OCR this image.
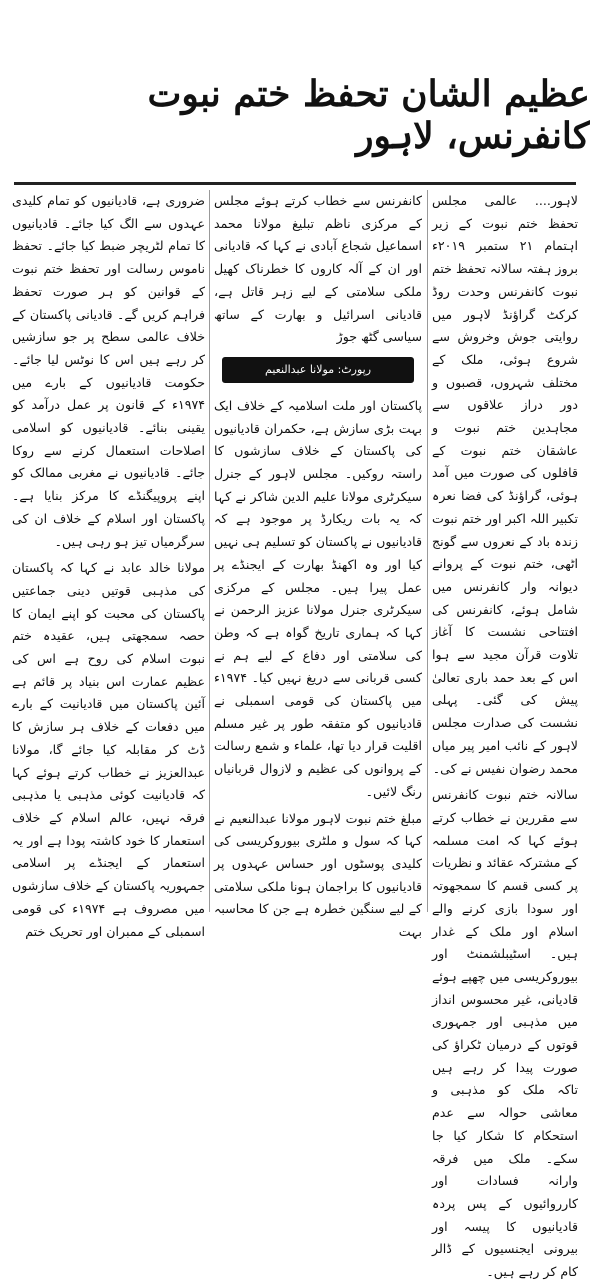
عظیم الشان تحفظ ختم نبوت کانفرنس، لاہور

لاہور.... عالمی مجلس تحفظ ختم نبوت کے زیر اہتمام ۲۱ ستمبر ۲۰۱۹ء بروز ہفتہ سالانہ تحفظ ختم نبوت کانفرنس وحدت روڈ کرکٹ گراؤنڈ لاہور میں روایتی جوش وخروش سے شروع ہوئی، ملک کے مختلف شہروں، قصبوں و دور دراز علاقوں سے مجاہدین ختم نبوت و عاشقان ختم نبوت کے قافلوں کی صورت میں آمد ہوئی، گراؤنڈ کی فضا نعرہ تکبیر اللہ اکبر اور ختم نبوت زندہ باد کے نعروں سے گونج اٹھی، ختم نبوت کے پروانے دیوانہ وار کانفرنس میں شامل ہوئے، کانفرنس کی افتتاحی نشست کا آغاز تلاوت قرآن مجید سے ہوا اس کے بعد حمد باری تعالیٰ پیش کی گئی۔ پہلی نشست کی صدارت مجلس لاہور کے نائب امیر پیر میاں محمد رضوان نفیس نے کی۔

سالانہ ختم نبوت کانفرنس سے مقررین نے خطاب کرتے ہوئے کہا کہ امت مسلمہ کے مشترکہ عقائد و نظریات پر کسی قسم کا سمجھوتہ اور سودا بازی کرنے والے اسلام اور ملک کے غدار ہیں۔ اسٹیبلشمنٹ اور بیوروکریسی میں چھپے ہوئے قادیانی، غیر محسوس انداز میں مذہبی اور جمہوری قوتوں کے درمیان ٹکراؤ کی صورت پیدا کر رہے ہیں تاکہ ملک کو مذہبی و معاشی حوالہ سے عدم استحکام کا شکار کیا جا سکے۔ ملک میں فرقہ وارانہ فسادات اور کارروائیوں کے پس پردہ قادیانیوں کا پیسہ اور بیرونی ایجنسیوں کے ڈالر کام کر رہے ہیں۔

کانفرنس سے خطاب کرتے ہوئے مجلس کے مرکزی ناظم تبلیغ مولانا محمد اسماعیل شجاع آبادی نے کہا کہ قادیانی اور ان کے آلہ کاروں کا خطرناک کھیل ملکی سلامتی کے لیے زہر قاتل ہے، قادیانی اسرائیل و بھارت کے ساتھ سیاسی گٹھ جوڑ

رپورٹ: مولانا عبدالنعیم

پاکستان اور ملت اسلامیہ کے خلاف ایک بہت بڑی سازش ہے، حکمران قادیانیوں کی پاکستان کے خلاف سازشوں کا راستہ روکیں۔ مجلس لاہور کے جنرل سیکرٹری مولانا علیم الدین شاکر نے کہا کہ یہ بات ریکارڈ پر موجود ہے کہ قادیانیوں نے پاکستان کو تسلیم ہی نہیں کیا اور وہ اکھنڈ بھارت کے ایجنڈے پر عمل پیرا ہیں۔ مجلس کے مرکزی سیکرٹری جنرل مولانا عزیز الرحمن نے کہا کہ ہماری تاریخ گواہ ہے کہ وطن کی سلامتی اور دفاع کے لیے ہم نے کسی قربانی سے دریغ نہیں کیا۔ ۱۹۷۴ء میں پاکستان کی قومی اسمبلی نے قادیانیوں کو متفقہ طور پر غیر مسلم اقلیت قرار دیا تھا، علماء و شمع رسالت کے پروانوں کی عظیم و لازوال قربانیاں رنگ لائیں۔

مبلغ ختم نبوت لاہور مولانا عبدالنعیم نے کہا کہ سول و ملٹری بیوروکریسی کی کلیدی پوسٹوں اور حساس عہدوں پر قادیانیوں کا براجمان ہونا ملکی سلامتی کے لیے سنگین خطرہ ہے جن کا محاسبہ بہت

ضروری ہے، قادیانیوں کو تمام کلیدی عہدوں سے الگ کیا جائے۔ قادیانیوں کا تمام لٹریچر ضبط کیا جائے۔ تحفظ ناموس رسالت اور تحفظ ختم نبوت کے قوانین کو ہر صورت تحفظ فراہم کریں گے۔ قادیانی پاکستان کے خلاف عالمی سطح پر جو سازشیں کر رہے ہیں اس کا نوٹس لیا جائے۔ حکومت قادیانیوں کے بارے میں ۱۹۷۴ء کے قانون پر عمل درآمد کو یقینی بنائے۔ قادیانیوں کو اسلامی اصلاحات استعمال کرنے سے روکا جائے۔ قادیانیوں نے مغربی ممالک کو اپنے پروپیگنڈے کا مرکز بنایا ہے۔ پاکستان اور اسلام کے خلاف ان کی سرگرمیاں تیز ہو رہی ہیں۔

مولانا خالد عابد نے کہا کہ پاکستان کی مذہبی قوتیں دینی جماعتیں پاکستان کی محبت کو اپنے ایمان کا حصہ سمجھتی ہیں، عقیدہ ختم نبوت اسلام کی روح ہے اس کی عظیم عمارت اس بنیاد پر قائم ہے آئین پاکستان میں قادیانیت کے بارے میں دفعات کے خلاف ہر سازش کا ڈٹ کر مقابلہ کیا جائے گا، مولانا عبدالعزیز نے خطاب کرتے ہوئے کہا کہ قادیانیت کوئی مذہبی یا مذہبی فرقہ نہیں، عالم اسلام کے خلاف استعمار کا خود کاشتہ پودا ہے اور یہ استعمار کے ایجنڈے پر اسلامی جمہوریہ پاکستان کے خلاف سازشوں میں مصروف ہے ۱۹۷۴ء کی قومی اسمبلی کے ممبران اور تحریک ختم
